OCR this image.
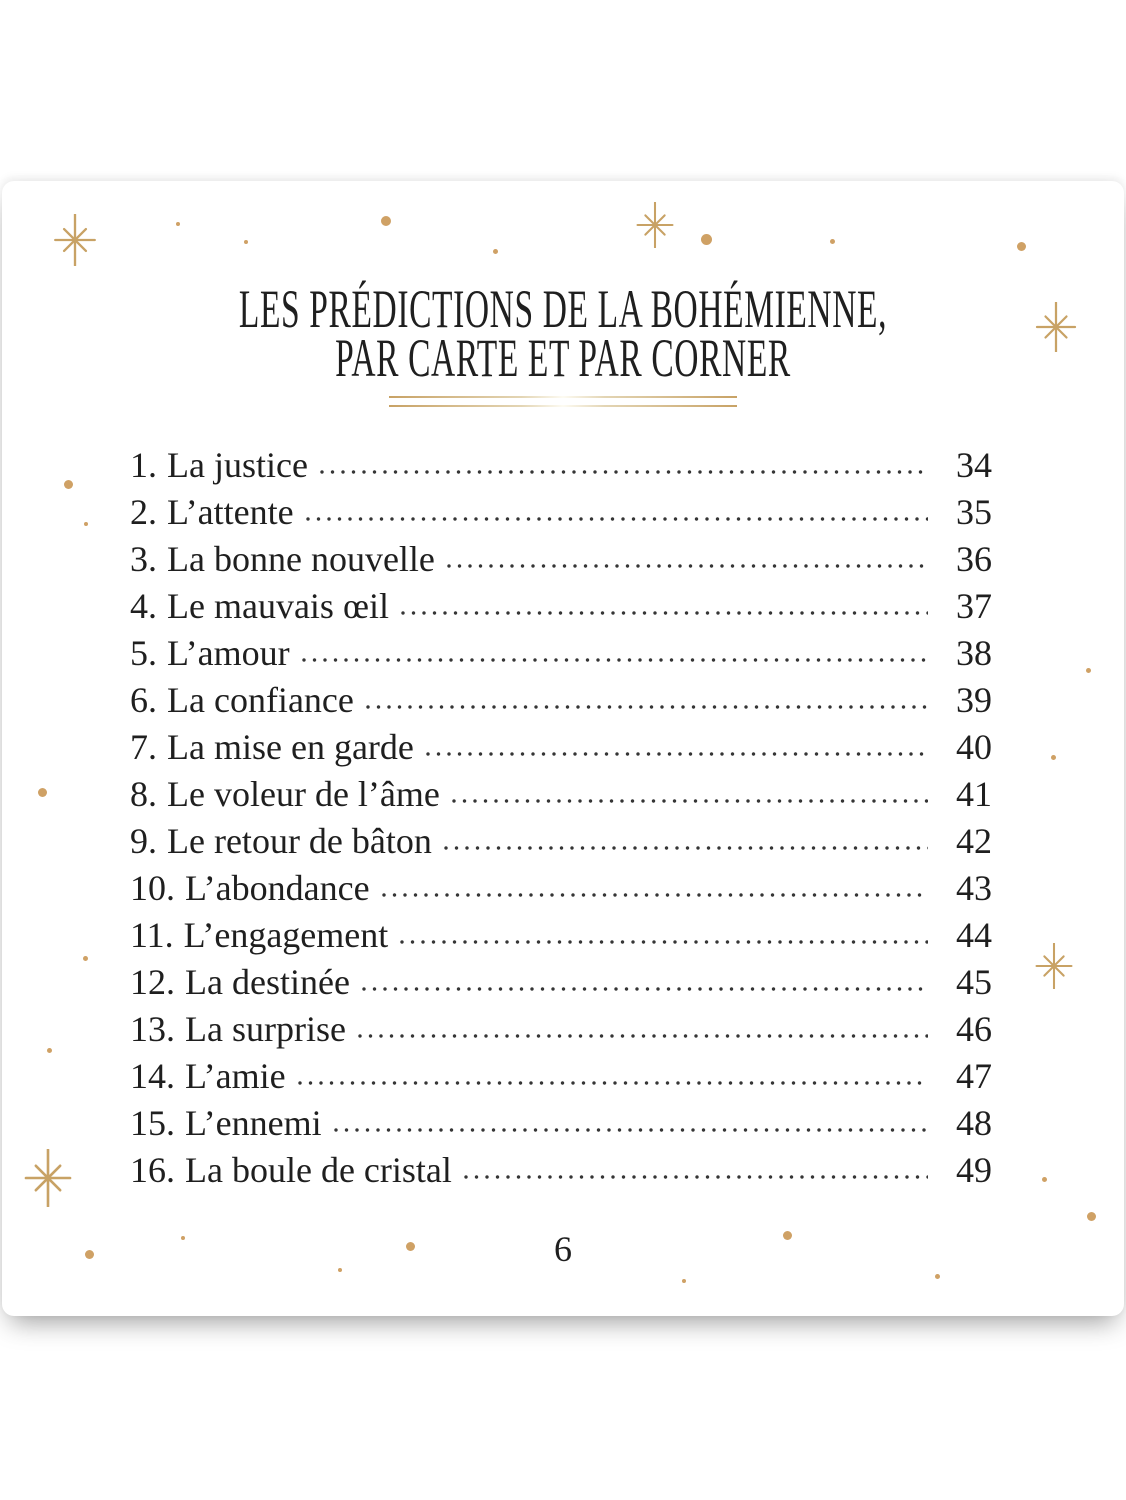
LES PRÉDICTIONS DE LA BOHÉMIENNE,
PAR CARTE ET PAR CORNER
1. La justice	34
2. L’attente	35
3. La bonne nouvelle	36
4. Le mauvais œil	37
5. L’amour	38
6. La confiance	39
7. La mise en garde	40
8. Le voleur de l’âme	41
9. Le retour de bâton	42
10. L’abondance	43
11. L’engagement	44
12. La destinée	45
13. La surprise	46
14. L’amie	47
15. L’ennemi	48
16. La boule de cristal	49
6
